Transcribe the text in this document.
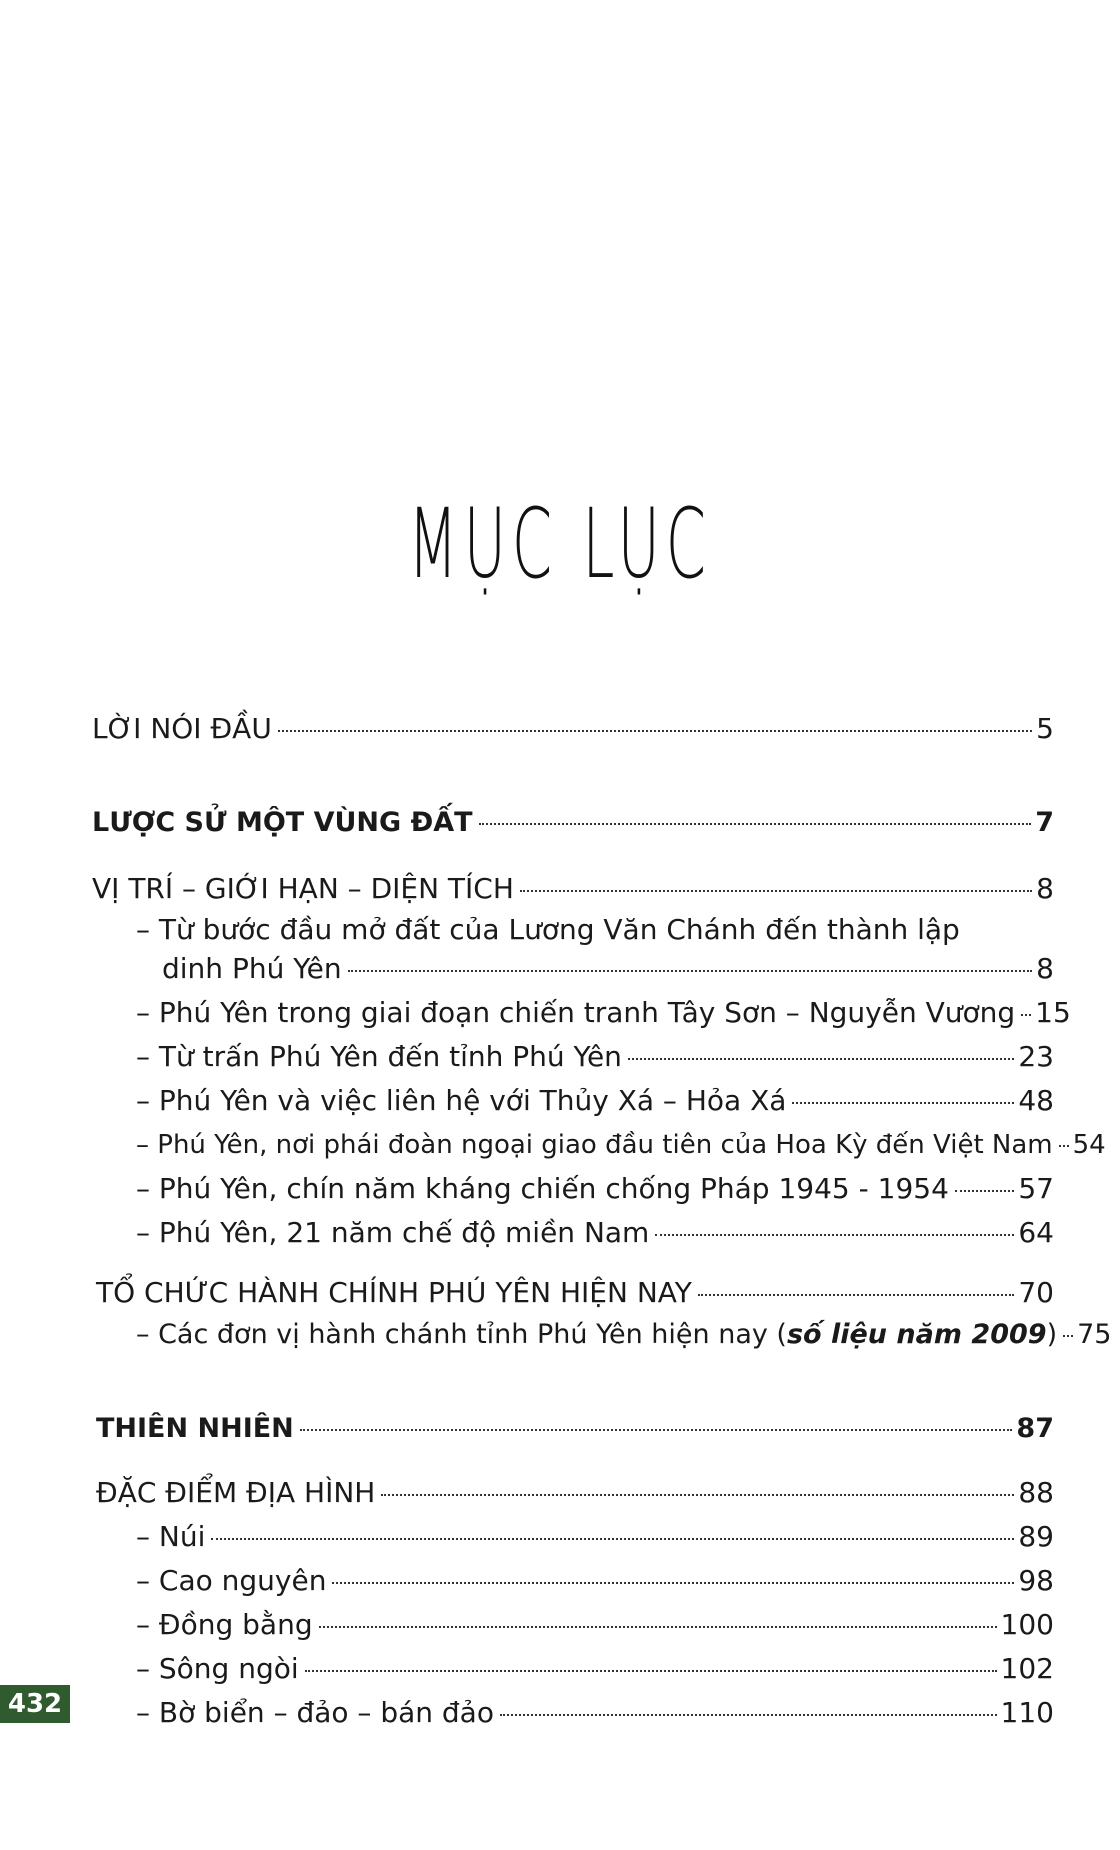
MỤC LỤC
LỜI NÓI ĐẦU	5
LƯỢC SỬ MỘT VÙNG ĐẤT	7
VỊ TRÍ – GIỚI HẠN – DIỆN TÍCH	8
– Từ bước đầu mở đất của Lương Văn Chánh đến thành lập
dinh Phú Yên	8
– Phú Yên trong giai đoạn chiến tranh Tây Sơn – Nguyễn Vương 15
– Từ trấn Phú Yên đến tỉnh Phú Yên	23
– Phú Yên và việc liên hệ với Thủy Xá – Hỏa Xá	48
– Phú Yên, nơi phái đoàn ngoại giao đầu tiên của Hoa Kỳ đến Việt Nam 54
– Phú Yên, chín năm kháng chiến chống Pháp 1945 - 1954 57
– Phú Yên, 21 năm chế độ miền Nam	64
TỔ CHỨC HÀNH CHÍNH PHÚ YÊN HIỆN NAY	70
– Các đơn vị hành chánh tỉnh Phú Yên hiện nay (số liệu năm 2009) 75
THIÊN NHIÊN	87
ĐẶC ĐIỂM ĐỊA HÌNH	88
– Núi	89
– Cao nguyên	98
– Đồng bằng	100
– Sông ngòi	102
– Bờ biển – đảo – bán đảo	110
432
